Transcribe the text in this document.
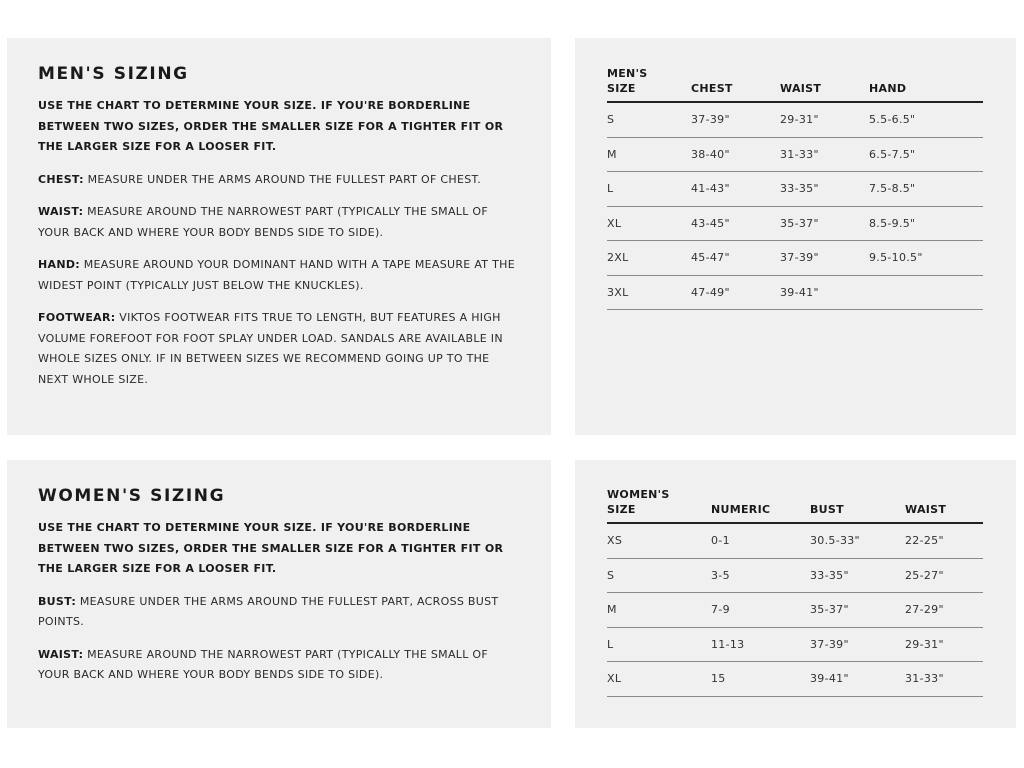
MEN'S SIZING

USE THE CHART TO DETERMINE YOUR SIZE. IF YOU'RE BORDERLINE BETWEEN TWO SIZES, ORDER THE SMALLER SIZE FOR A TIGHTER FIT OR THE LARGER SIZE FOR A LOOSER FIT.

CHEST: MEASURE UNDER THE ARMS AROUND THE FULLEST PART OF CHEST.

WAIST: MEASURE AROUND THE NARROWEST PART (TYPICALLY THE SMALL OF YOUR BACK AND WHERE YOUR BODY BENDS SIDE TO SIDE).

HAND: MEASURE AROUND YOUR DOMINANT HAND WITH A TAPE MEASURE AT THE WIDEST POINT (TYPICALLY JUST BELOW THE KNUCKLES).

FOOTWEAR: VIKTOS FOOTWEAR FITS TRUE TO LENGTH, BUT FEATURES A HIGH VOLUME FOREFOOT FOR FOOT SPLAY UNDER LOAD. SANDALS ARE AVAILABLE IN WHOLE SIZES ONLY. IF IN BETWEEN SIZES WE RECOMMEND GOING UP TO THE NEXT WHOLE SIZE.

MEN'S SIZE	CHEST	WAIST	HAND
S	37-39"	29-31"	5.5-6.5"
M	38-40"	31-33"	6.5-7.5"
L	41-43"	33-35"	7.5-8.5"
XL	43-45"	35-37"	8.5-9.5"
2XL	45-47"	37-39"	9.5-10.5"
3XL	47-49"	39-41"	
WOMEN'S SIZING

USE THE CHART TO DETERMINE YOUR SIZE. IF YOU'RE BORDERLINE BETWEEN TWO SIZES, ORDER THE SMALLER SIZE FOR A TIGHTER FIT OR THE LARGER SIZE FOR A LOOSER FIT.

BUST: MEASURE UNDER THE ARMS AROUND THE FULLEST PART, ACROSS BUST POINTS.

WAIST: MEASURE AROUND THE NARROWEST PART (TYPICALLY THE SMALL OF YOUR BACK AND WHERE YOUR BODY BENDS SIDE TO SIDE).

WOMEN'S SIZE	NUMERIC	BUST	WAIST
XS	0-1	30.5-33"	22-25"
S	3-5	33-35"	25-27"
M	7-9	35-37"	27-29"
L	11-13	37-39"	29-31"
XL	15	39-41"	31-33"
